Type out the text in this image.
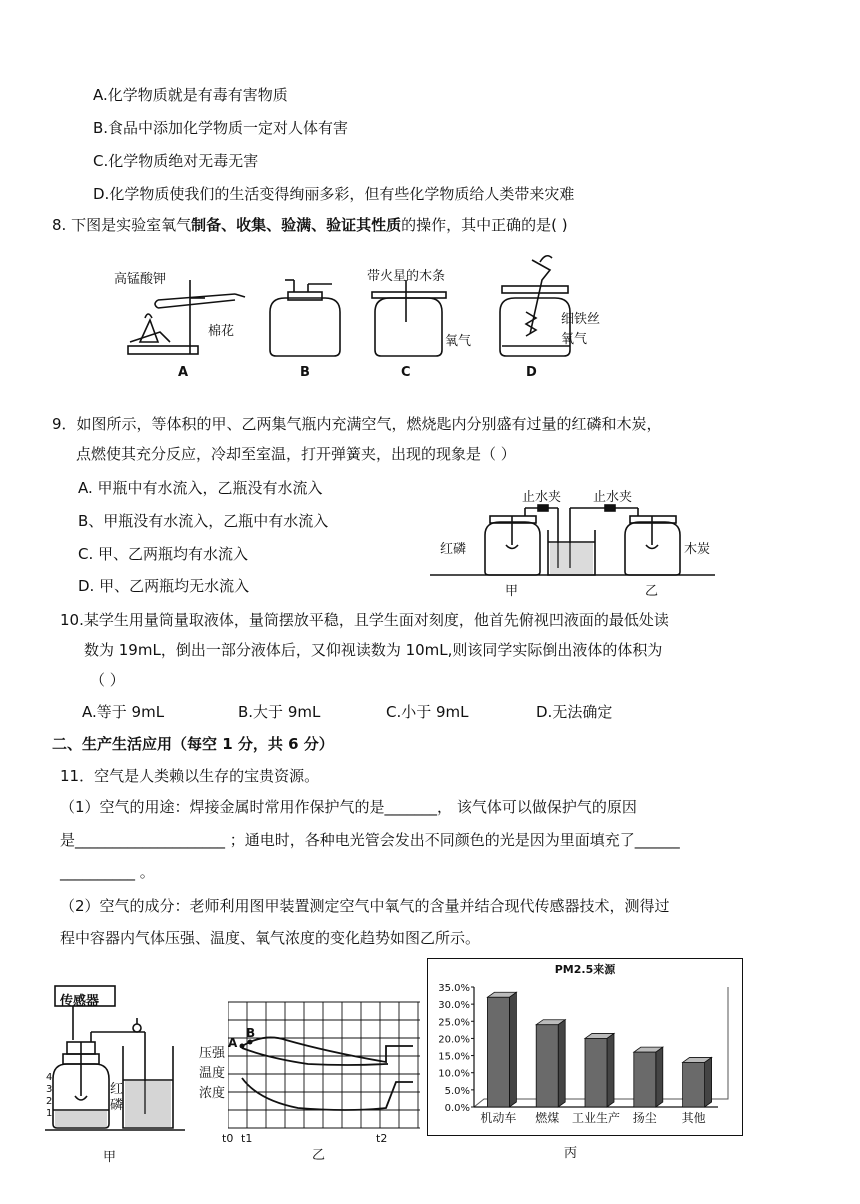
A.化学物质就是有毒有害物质
B.食品中添加化学物质一定对人体有害
C.化学物质绝对无毒无害
D.化学物质使我们的生活变得绚丽多彩，但有些化学物质给人类带来灾难
8. 下图是实验室氧气制备、收集、验满、验证其性质的操作，其中正确的是( )
高锰酸钾
棉花
带火星的木条
氧气
细铁丝
氧气
A	B	C	D
9．如图所示，等体积的甲、乙两集气瓶内充满空气，燃烧匙内分别盛有过量的红磷和木炭，
点燃使其充分反应，冷却至室温，打开弹簧夹，出现的现象是（ ）
A. 甲瓶中有水流入，乙瓶没有水流入
B、甲瓶没有水流入，乙瓶中有水流入
C. 甲、乙两瓶均有水流入
D. 甲、乙两瓶均无水流入
止水夹 止水夹
红磷	木炭
甲	乙
10.某学生用量筒量取液体，量筒摆放平稳，且学生面对刻度，他首先俯视凹液面的最低处读
数为 19mL，倒出一部分液体后，又仰视读数为 10mL,则该同学实际倒出液体的体积为
（ ）
A.等于 9mL	B.大于 9mL	C.小于 9mL	D.无法确定
二、生产生活应用（每空 1 分，共 6 分）
11．空气是人类赖以生存的宝贵资源。
（1）空气的用途：焊接金属时常用作保护气的是_______， 该气体可以做保护气的原因
是____________________ ；通电时，各种电光管会发出不同颜色的光是因为里面填充了______
__________ 。
（2）空气的成分：老师利用图甲装置测定空气中氧气的含量并结合现代传感器技术，测得过
程中容器内气体压强、温度、氧气浓度的变化趋势如图乙所示。
传感器
4
3
2
1
红磷
甲
A
B
压强
温度
浓度
t0 t1	t2
乙
PM2.5来源
0.0%
5.0%
10.0%
15.0%
20.0%
25.0%
30.0%
35.0%
机动车 燃煤 工业生产 扬尘 其他
丙
